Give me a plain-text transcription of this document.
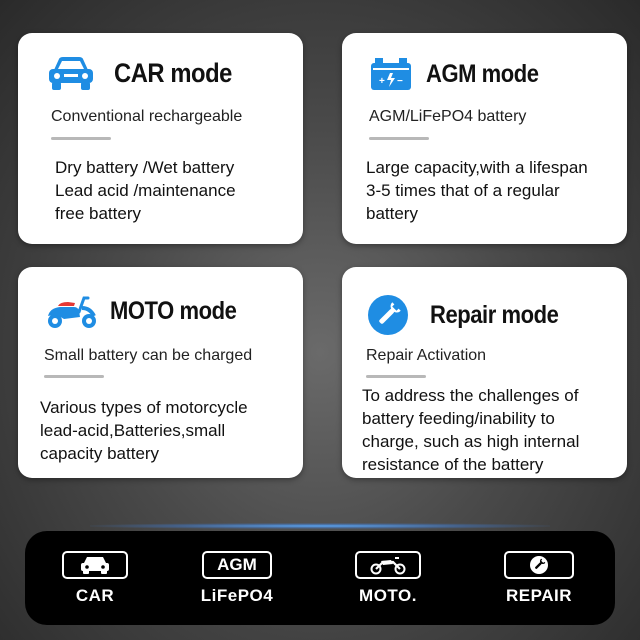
CAR mode
Conventional rechargeable
Dry battery /Wet battery
Lead acid /maintenance
free battery
+ − AGM mode
AGM/LiFePO4 battery
Large capacity,with a lifespan
3-5 times that of a regular
battery
MOTO mode
Small battery can be charged
Various types of motorcycle
lead-acid,Batteries,small
capacity battery
Repair mode
Repair Activation
To address the challenges of
battery feeding/inability to
charge, such as high internal
resistance of the battery
CAR
AGM
LiFePO4	MOTO.	REPAIR
